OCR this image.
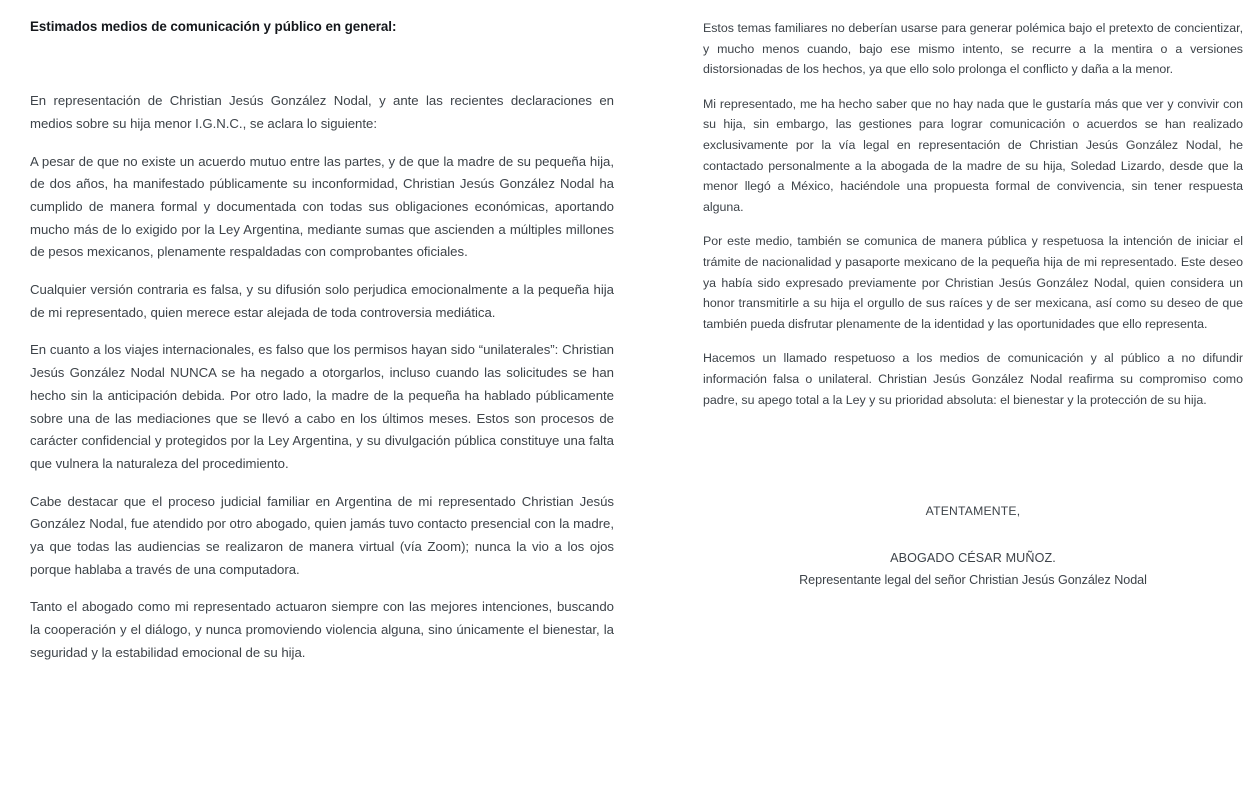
Estimados medios de comunicación y público en general:

En representación de Christian Jesús González Nodal, y ante las recientes declaraciones en medios sobre su hija menor I.G.N.C., se aclara lo siguiente:

A pesar de que no existe un acuerdo mutuo entre las partes, y de que la madre de su pequeña hija, de dos años, ha manifestado públicamente su inconformidad, Christian Jesús González Nodal ha cumplido de manera formal y documentada con todas sus obligaciones económicas, aportando mucho más de lo exigido por la Ley Argentina, mediante sumas que ascienden a múltiples millones de pesos mexicanos, plenamente respaldadas con comprobantes oficiales.

Cualquier versión contraria es falsa, y su difusión solo perjudica emocionalmente a la pequeña hija de mi representado, quien merece estar alejada de toda controversia mediática.

En cuanto a los viajes internacionales, es falso que los permisos hayan sido “unilaterales”: Christian Jesús González Nodal NUNCA se ha negado a otorgarlos, incluso cuando las solicitudes se han hecho sin la anticipación debida. Por otro lado, la madre de la pequeña ha hablado públicamente sobre una de las mediaciones que se llevó a cabo en los últimos meses. Estos son procesos de carácter confidencial y protegidos por la Ley Argentina, y su divulgación pública constituye una falta que vulnera la naturaleza del procedimiento.

Cabe destacar que el proceso judicial familiar en Argentina de mi representado Christian Jesús González Nodal, fue atendido por otro abogado, quien jamás tuvo contacto presencial con la madre, ya que todas las audiencias se realizaron de manera virtual (vía Zoom); nunca la vio a los ojos porque hablaba a través de una computadora.

Tanto el abogado como mi representado actuaron siempre con las mejores intenciones, buscando la cooperación y el diálogo, y nunca promoviendo violencia alguna, sino únicamente el bienestar, la seguridad y la estabilidad emocional de su hija.

Estos temas familiares no deberían usarse para generar polémica bajo el pretexto de concientizar, y mucho menos cuando, bajo ese mismo intento, se recurre a la mentira o a versiones distorsionadas de los hechos, ya que ello solo prolonga el conflicto y daña a la menor.

Mi representado, me ha hecho saber que no hay nada que le gustaría más que ver y convivir con su hija, sin embargo, las gestiones para lograr comunicación o acuerdos se han realizado exclusivamente por la vía legal en representación de Christian Jesús González Nodal, he contactado personalmente a la abogada de la madre de su hija, Soledad Lizardo, desde que la menor llegó a México, haciéndole una propuesta formal de convivencia, sin tener respuesta alguna.

Por este medio, también se comunica de manera pública y respetuosa la intención de iniciar el trámite de nacionalidad y pasaporte mexicano de la pequeña hija de mi representado. Este deseo ya había sido expresado previamente por Christian Jesús González Nodal, quien considera un honor transmitirle a su hija el orgullo de sus raíces y de ser mexicana, así como su deseo de que también pueda disfrutar plenamente de la identidad y las oportunidades que ello representa.

Hacemos un llamado respetuoso a los medios de comunicación y al público a no difundir información falsa o unilateral. Christian Jesús González Nodal reafirma su compromiso como padre, su apego total a la Ley y su prioridad absoluta: el bienestar y la protección de su hija.

ATENTAMENTE,

ABOGADO CÉSAR MUÑOZ.

Representante legal del señor Christian Jesús González Nodal
